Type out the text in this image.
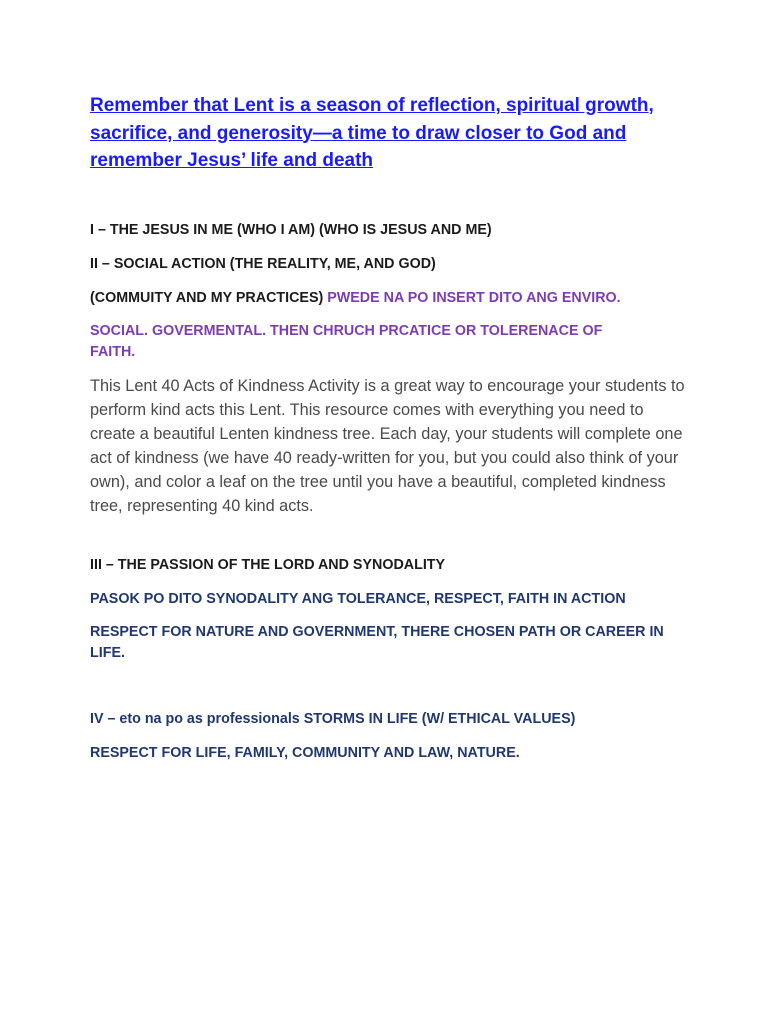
Remember that Lent is a season of reflection, spiritual growth, sacrifice, and generosity—a time to draw closer to God and remember Jesus’ life and death

I – THE JESUS IN ME (WHO I AM) (WHO IS JESUS AND ME)

II – SOCIAL ACTION (THE REALITY, ME, AND GOD)

(COMMUITY AND MY PRACTICES) PWEDE NA PO INSERT DITO ANG ENVIRO.

SOCIAL. GOVERMENTAL. THEN CHRUCH PRCATICE OR TOLERENACE OF FAITH.

This Lent 40 Acts of Kindness Activity is a great way to encourage your students to perform kind acts this Lent. This resource comes with everything you need to create a beautiful Lenten kindness tree. Each day, your students will complete one act of kindness (we have 40 ready-written for you, but you could also think of your own), and color a leaf on the tree until you have a beautiful, completed kindness tree, representing 40 kind acts.

III – THE PASSION OF THE LORD AND SYNODALITY

PASOK PO DITO SYNODALITY ANG TOLERANCE, RESPECT, FAITH IN ACTION

RESPECT FOR NATURE AND GOVERNMENT, THERE CHOSEN PATH OR CAREER IN LIFE.

IV – eto na po as professionals STORMS IN LIFE (W/ ETHICAL VALUES)

RESPECT FOR LIFE, FAMILY, COMMUNITY AND LAW, NATURE.
